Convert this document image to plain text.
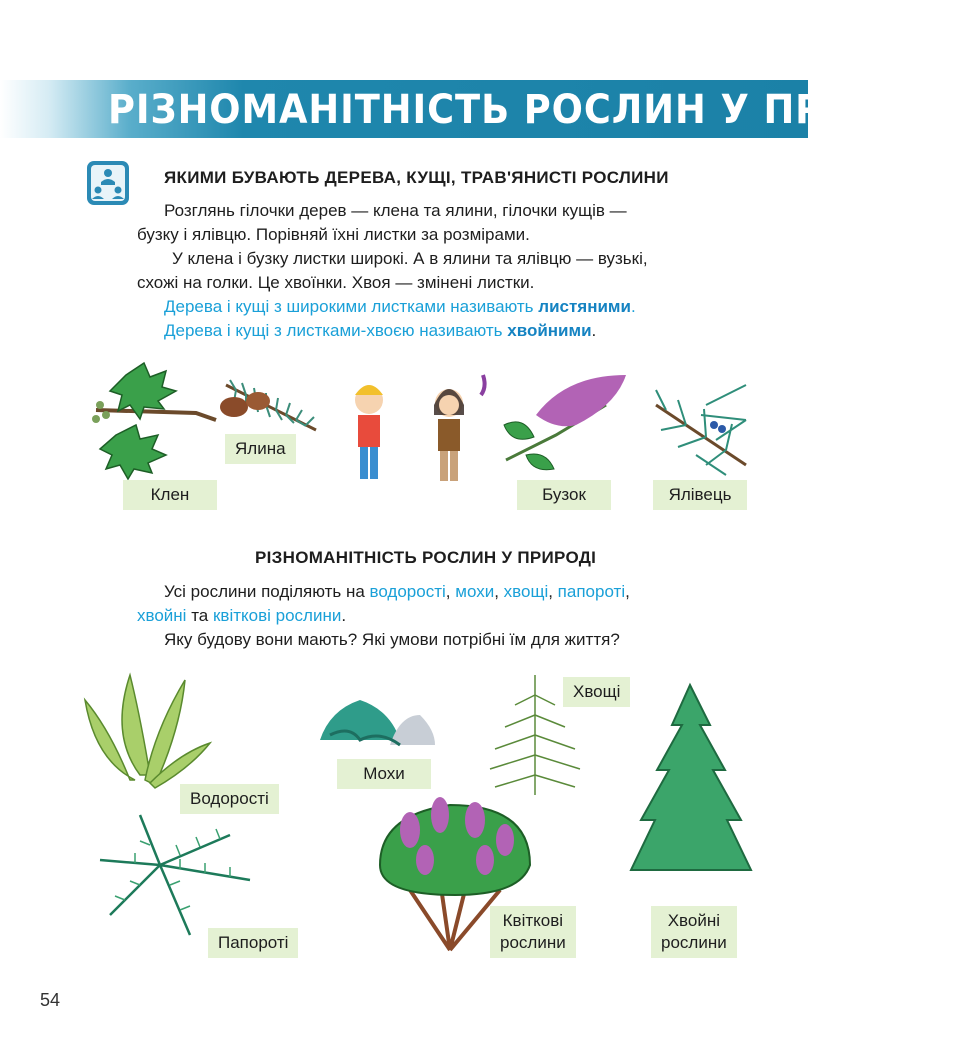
РІЗНОМАНІТНІСТЬ РОСЛИН У ПРИРОДІ
ЯКИМИ БУВАЮТЬ ДЕРЕВА, КУЩІ, ТРАВ'ЯНИСТІ РОСЛИНИ

Розглянь гілочки дерев — клена та ялини, гілочки кущів —

бузку і ялівцю. Порівняй їхні листки за розмірами.

У клена і бузку листки широкі. А в ялини та ялівцю — вузькі,

схожі на голки. Це хвоїнки. Хвоя — змінені листки.

Дерева і кущі з широкими листками називають листяними.

Дерева і кущі з листками-хвоєю називають хвойними.

Ялина
Клен	Бузок	Ялівець
РІЗНОМАНІТНІСТЬ РОСЛИН У ПРИРОДІ

Усі рослини поділяють на водорості, мохи, хвощі, папороті,

хвойні та квіткові рослини.

Яку будову вони мають? Які умови потрібні їм для життя?

Хвощі
Мохи
Водорості
Папороті
Квіткові
рослини
Хвойні
рослини
54
